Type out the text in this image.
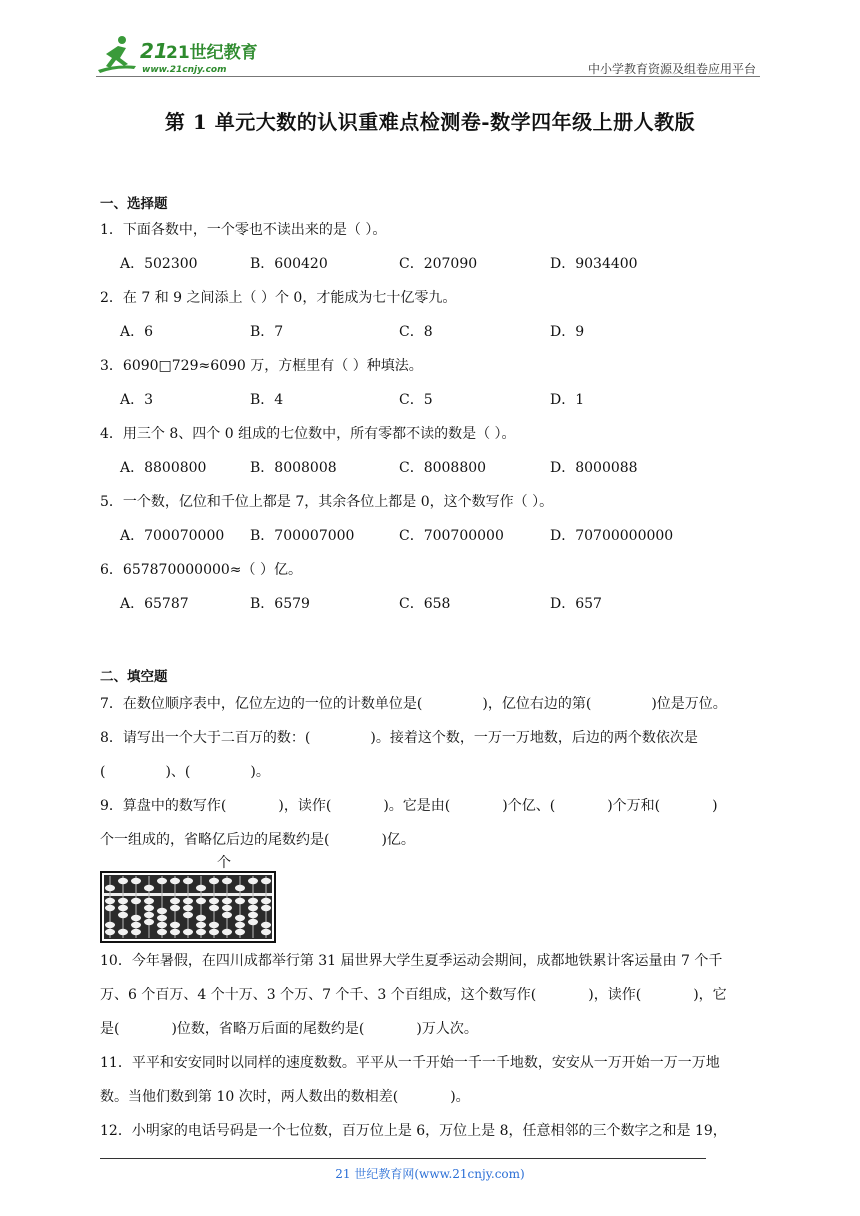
21
21世纪教育
www.21cnjy.com	中小学教育资源及组卷应用平台
第 1 单元大数的认识重难点检测卷-数学四年级上册人教版
一、选择题
1．下面各数中，一个零也不读出来的是（ ）。
A．502300	B．600420	C．207090	D．9034400
2．在 7 和 9 之间添上（ ）个 0，才能成为七十亿零九。
A．6	B．7	C．8	D．9
3．6090□729≈6090 万，方框里有（ ）种填法。
A．3	B．4	C．5	D．1
4．用三个 8、四个 0 组成的七位数中，所有零都不读的数是（ ）。
A．8800800	B．8008008	C．8008800	D．8000088
5．一个数，亿位和千位上都是 7，其余各位上都是 0，这个数写作（ ）。
A．700070000 B．700007000	C．700700000	D．70700000000
6．657870000000≈（ ）亿。
A．65787	B．6579	C．658	D．657
二、填空题
7．在数位顺序表中，亿位左边的一位的计数单位是(	)，亿位右边的第(	)位是万位。
8．请写出一个大于二百万的数：(	)。接着这个数，一万一万地数，后边的两个数依次是
(	)、(	)。
9．算盘中的数写作(	)，读作(	)。它是由(	)个亿、(	)个万和(	)
个一组成的，省略亿后边的尾数约是(	)亿。
个
10．今年暑假，在四川成都举行第 31 届世界大学生夏季运动会期间，成都地铁累计客运量由 7 个千
万、6 个百万、4 个十万、3 个万、7 个千、3 个百组成，这个数写作(	)，读作(	)，它
是(	)位数，省略万后面的尾数约是(	)万人次。
11．平平和安安同时以同样的速度数数。平平从一千开始一千一千地数，安安从一万开始一万一万地
数。当他们数到第 10 次时，两人数出的数相差(	)。
12．小明家的电话号码是一个七位数，百万位上是 6，万位上是 8，任意相邻的三个数字之和是 19，
21 世纪教育网(www.21cnjy.com)
